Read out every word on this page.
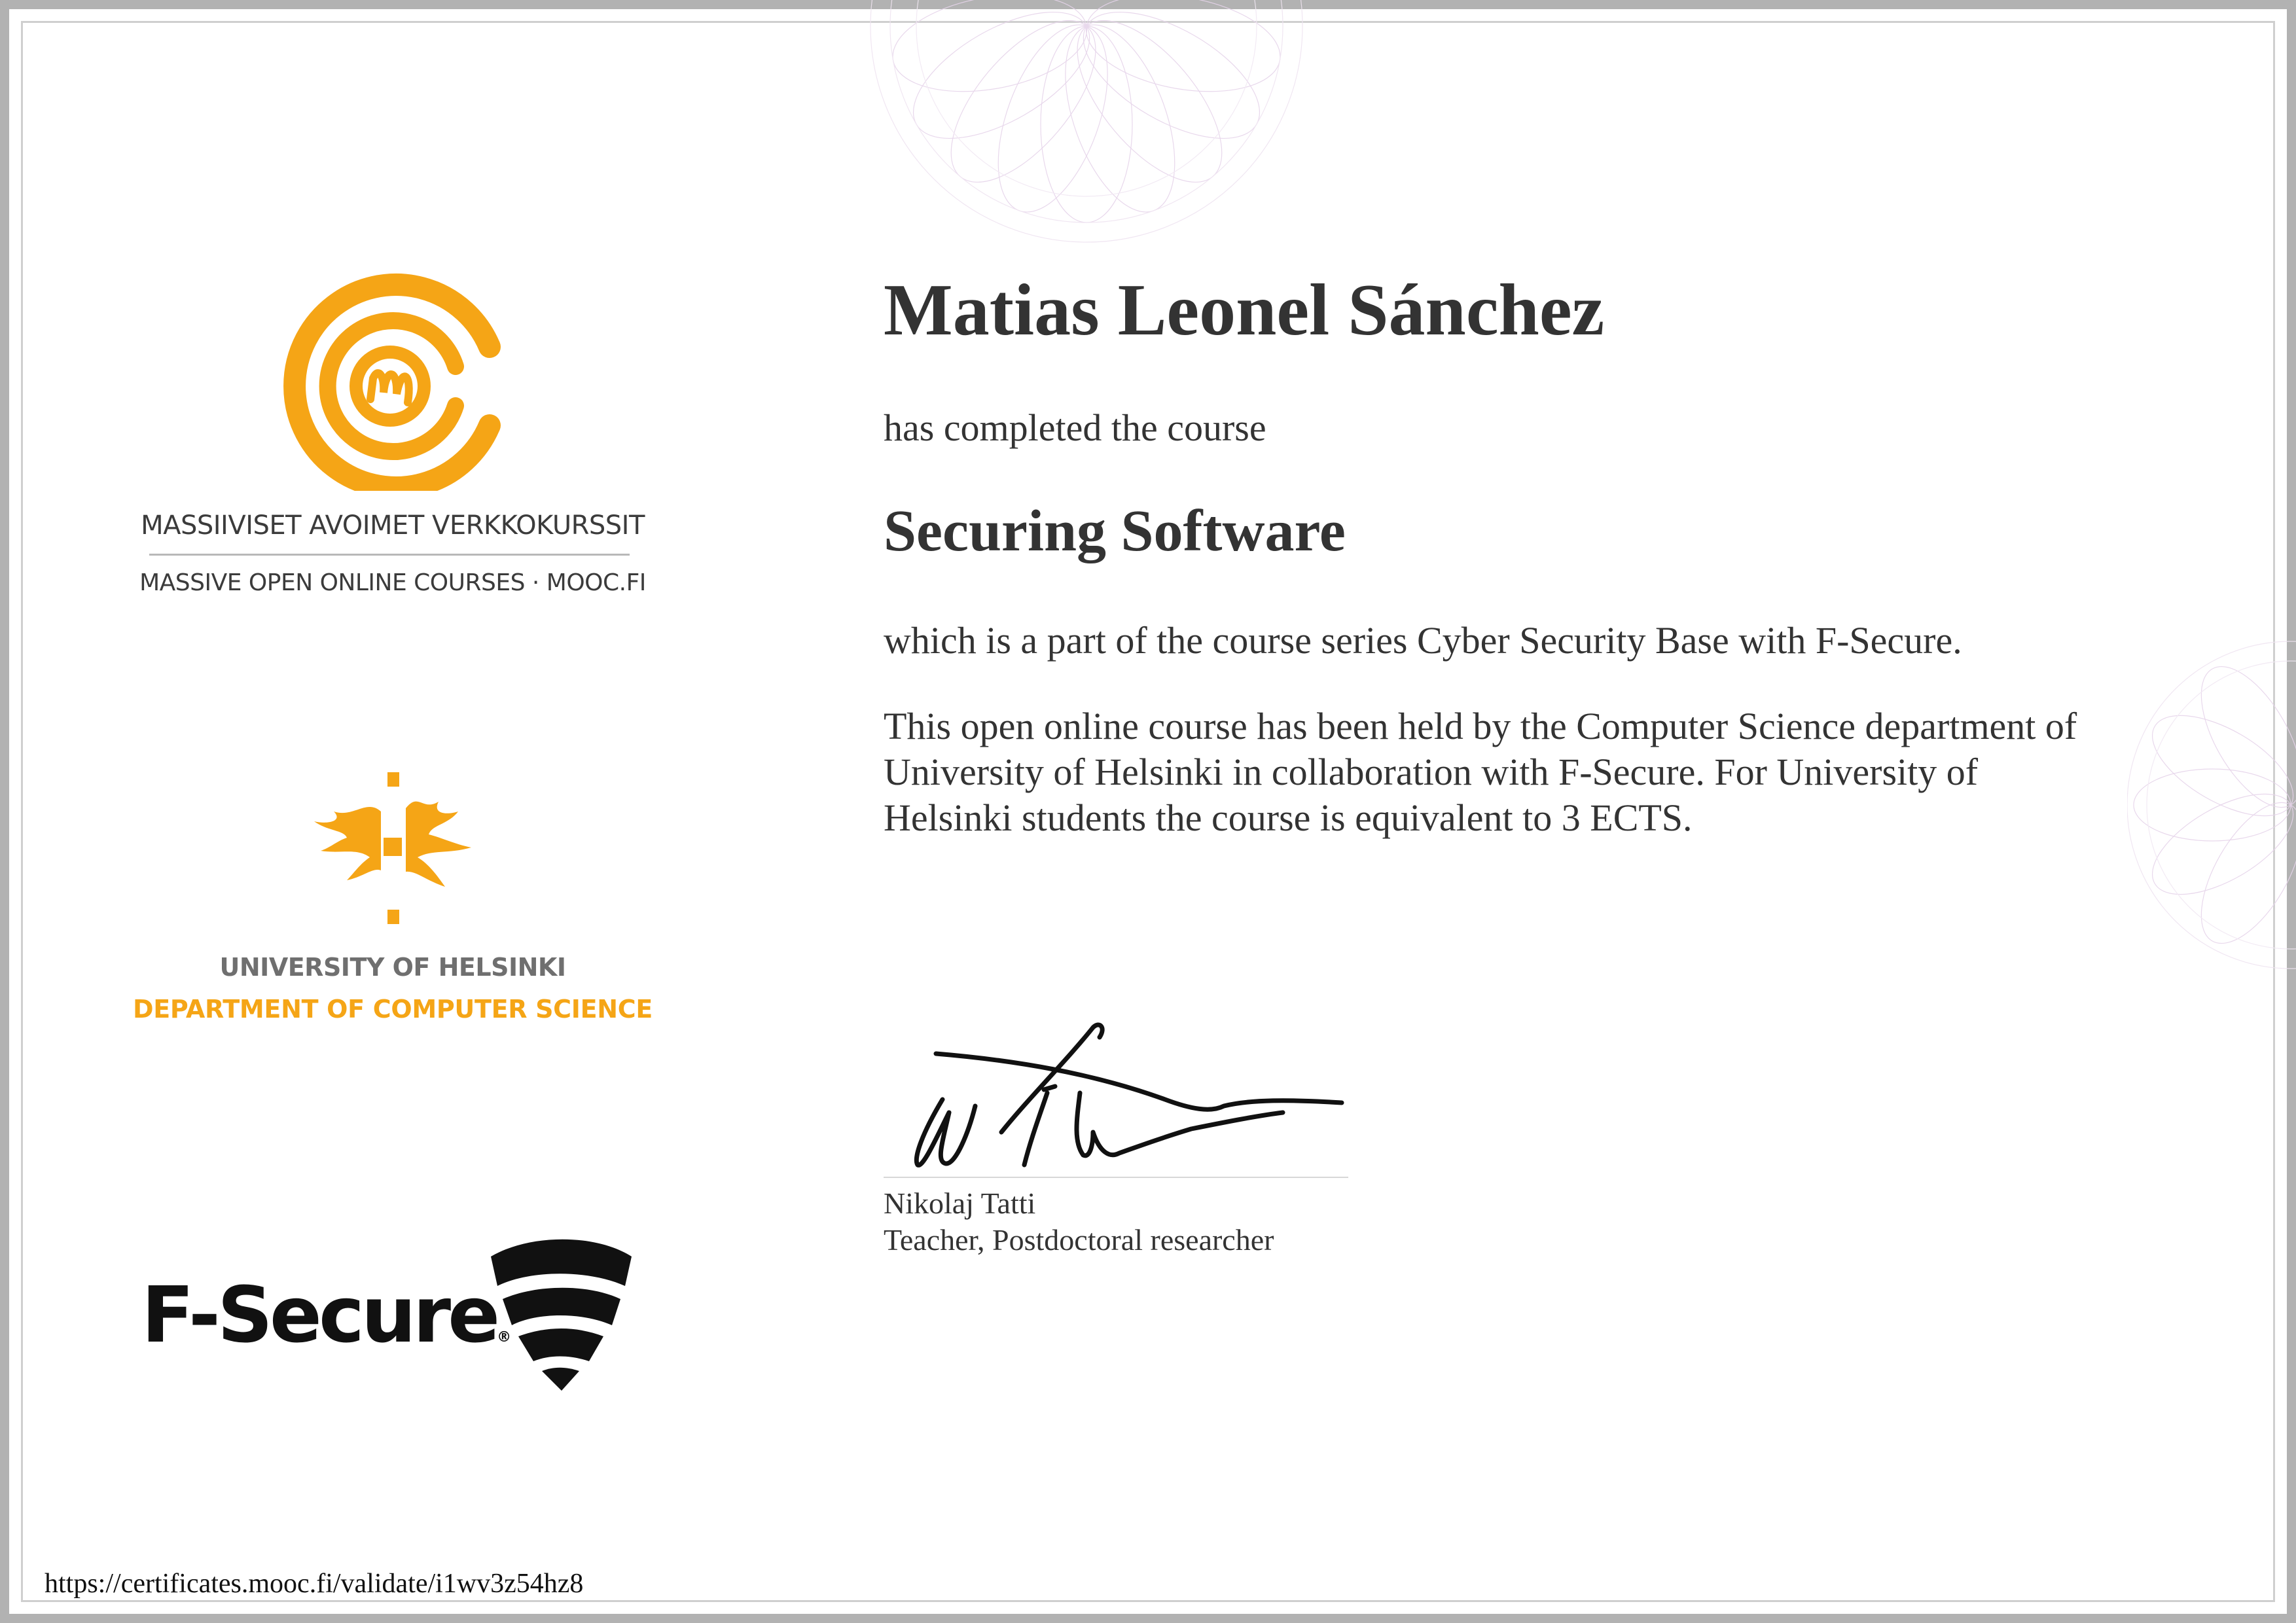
MASSIIVISET AVOIMET VERKKOKURSSIT
MASSIVE OPEN ONLINE COURSES · MOOC.FI
UNIVERSITY OF HELSINKI
DEPARTMENT OF COMPUTER SCIENCE
F-Secure®
Matias Leonel Sánchez
has completed the course
Securing Software
which is a part of the course series Cyber Security Base with F-Secure.
This open online course has been held by the Computer Science department of University of Helsinki in collaboration with F-Secure. For University of Helsinki students the course is equivalent to 3 ECTS.
Nikolaj Tatti
Teacher, Postdoctoral researcher
https://certificates.mooc.fi/validate/i1wv3z54hz8
